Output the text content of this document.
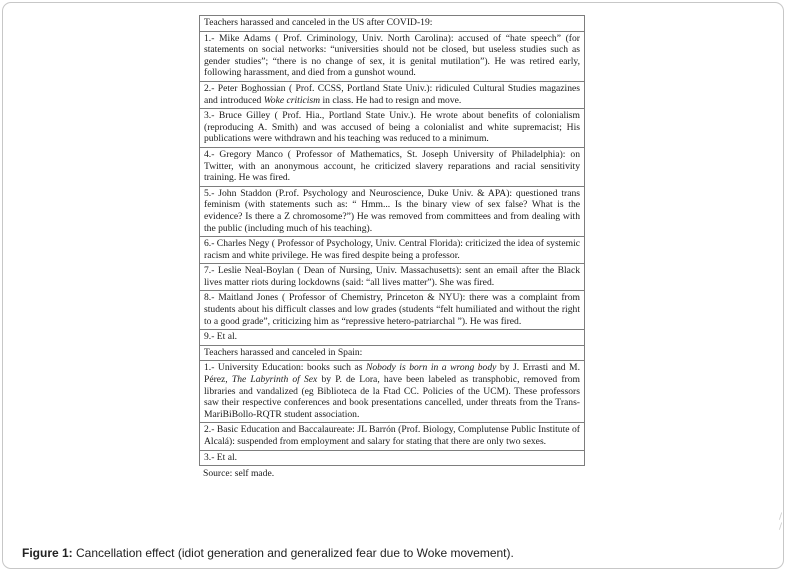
Teachers harassed and canceled in the US after COVID-19:
1.- Mike Adams ( Prof. Criminology, Univ. North Carolina): accused of “hate speech” (for statements on social networks: “universities should not be closed, but useless studies such as gender studies”; “there is no change of sex, it is genital mutilation”). He was retired early, following harassment, and died from a gunshot wound.
2.- Peter Boghossian ( Prof. CCSS, Portland State Univ.): ridiculed Cultural Studies magazines and introduced Woke criticism in class. He had to resign and move.
3.- Bruce Gilley ( Prof. Hia., Portland State Univ.). He wrote about benefits of colonialism (reproducing A. Smith) and was accused of being a colonialist and white supremacist; His publications were withdrawn and his teaching was reduced to a minimum.
4.- Gregory Manco ( Professor of Mathematics, St. Joseph University of Philadelphia): on Twitter, with an anonymous account, he criticized slavery reparations and racial sensitivity training. He was fired.
5.- John Staddon (P.rof. Psychology and Neuroscience, Duke Univ. & APA): questioned trans feminism (with statements such as: “ Hmm... Is the binary view of sex false? What is the evidence? Is there a Z chromosome?”) He was removed from committees and from dealing with the public (including much of his teaching).
6.- Charles Negy ( Professor of Psychology, Univ. Central Florida): criticized the idea of systemic racism and white privilege. He was fired despite being a professor.
7.- Leslie Neal-Boylan ( Dean of Nursing, Univ. Massachusetts): sent an email after the Black lives matter riots during lockdowns (said: “all lives matter”). She was fired.
8.- Maitland Jones ( Professor of Chemistry, Princeton & NYU): there was a complaint from students about his difficult classes and low grades (students “felt humiliated and without the right to a good grade”, criticizing him as “repressive hetero-patriarchal ”). He was fired.
9.- Et al.
Teachers harassed and canceled in Spain:
1.- University Education: books such as Nobody is born in a wrong body by J. Errasti and M. Pérez, The Labyrinth of Sex by P. de Lora, have been labeled as transphobic, removed from libraries and vandalized (eg Biblioteca de la Ftad CC. Policies of the UCM). These professors saw their respective conferences and book presentations cancelled, under threats from the Trans-MariBiBollo-RQTR student association.
2.- Basic Education and Baccalaureate: JL Barrón (Prof. Biology, Complutense Public Institute of Alcalá): suspended from employment and salary for stating that there are only two sexes.
3.- Et al.
Source: self made.
Figure 1: Cancellation effect (idiot generation and generalized fear due to Woke movement).
/
/
